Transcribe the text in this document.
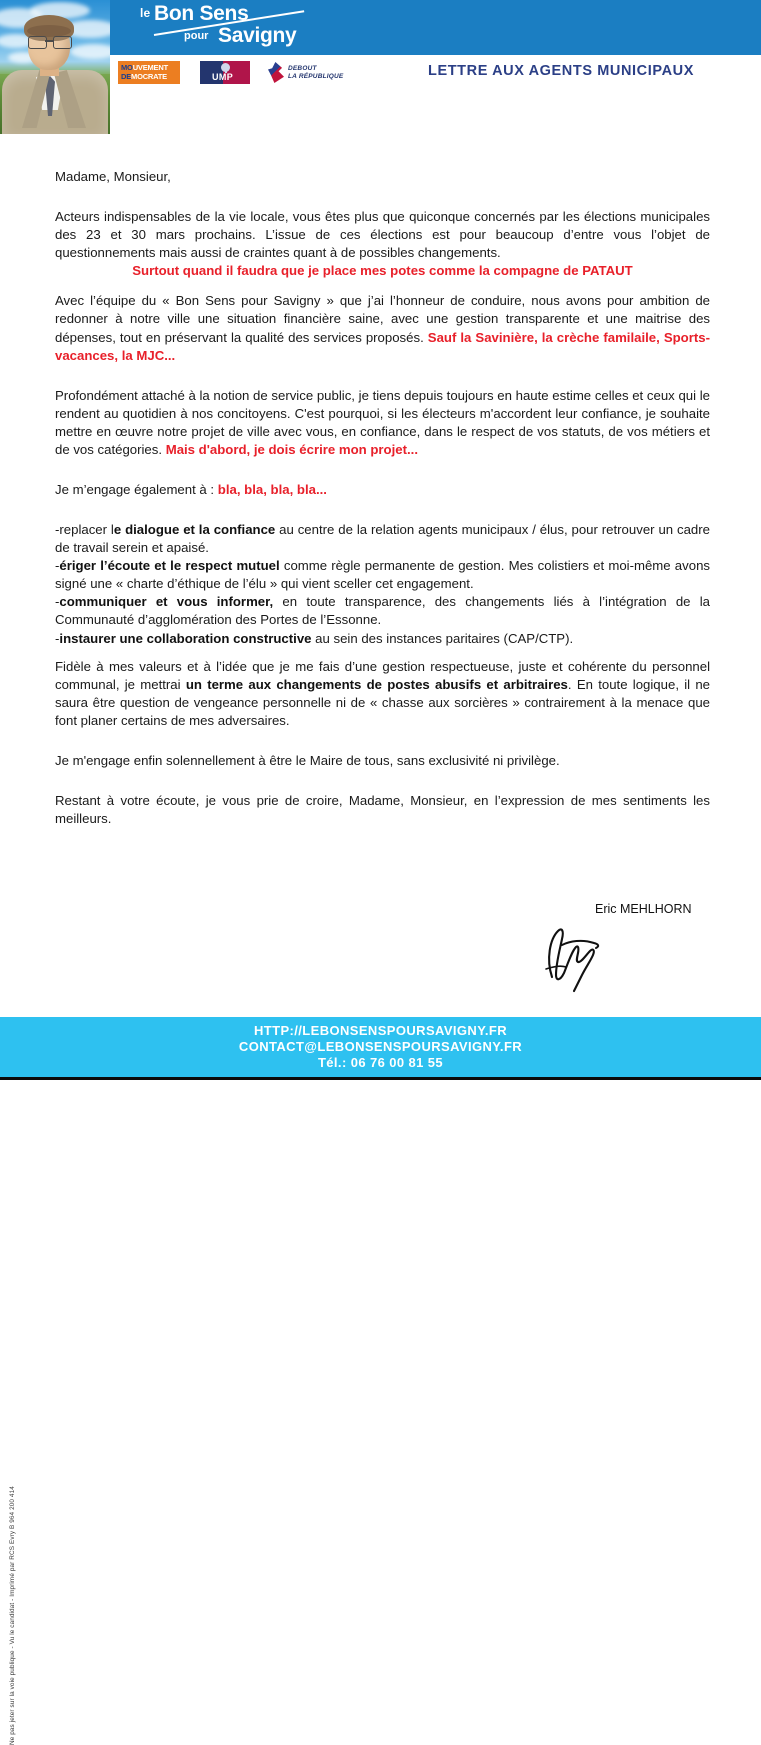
le Bon Sens
pour Savigny
MOUVEMENT
DEMOCRATE	UMP
DEBOUT
LA RÉPUBLIQUE	LETTRE AUX AGENTS MUNICIPAUX

Madame, Monsieur,

Acteurs indispensables de la vie locale, vous êtes plus que quiconque concernés par les élections municipales des 23 et 30 mars prochains. L’issue de ces élections est pour beaucoup d’entre vous l’objet de questionnements mais aussi de craintes quant à de possibles changements.
Surtout quand il faudra que je place mes potes comme la compagne de PATAUT

Avec l’équipe du « Bon Sens pour Savigny » que j’ai l’honneur de conduire, nous avons pour ambition de redonner à notre ville une situation financière saine, avec une gestion transparente et une maitrise des dépenses, tout en préservant la qualité des services proposés. Sauf la Savinière, la crèche familaile, Sports-vacances, la MJC...

Profondément attaché à la notion de service public, je tiens depuis toujours en haute estime celles et ceux qui le rendent au quotidien à nos concitoyens. C'est pourquoi, si les électeurs m'accordent leur confiance, je souhaite mettre en œuvre notre projet de ville avec vous, en confiance, dans le respect de vos statuts, de vos métiers et de vos catégories. Mais d'abord, je dois écrire mon projet...

Je m’engage également à : bla, bla, bla, bla...

-replacer le dialogue et la confiance au centre de la relation agents municipaux / élus, pour retrouver un cadre de travail serein et apaisé.

-ériger l’écoute et le respect mutuel comme règle permanente de gestion. Mes colistiers et moi-même avons signé une « charte d’éthique de l’élu » qui vient sceller cet engagement.

-communiquer et vous informer, en toute transparence, des changements liés à l’intégration de la Communauté d’agglomération des Portes de l’Essonne.

-instaurer une collaboration constructive au sein des instances paritaires (CAP/CTP).

Fidèle à mes valeurs et à l’idée que je me fais d’une gestion respectueuse, juste et cohérente du personnel communal, je mettrai un terme aux changements de postes abusifs et arbitraires. En toute logique, il ne saura être question de vengeance personnelle ni de « chasse aux sorcières » contrairement à la menace que font planer certains de mes adversaires.

Je m'engage enfin solennellement à être le Maire de tous, sans exclusivité ni privilège.

Restant à votre écoute, je vous prie de croire, Madame, Monsieur, en l’expression de mes sentiments les meilleurs.

Eric MEHLHORN
Ne pas jeter sur la voie publique - Vu le candidat - Imprimé par RCS Evry B 964 200 414
HTTP://LEBONSENSPOURSAVIGNY.FR
CONTACT@LEBONSENSPOURSAVIGNY.FR
Tél.: 06 76 00 81 55
